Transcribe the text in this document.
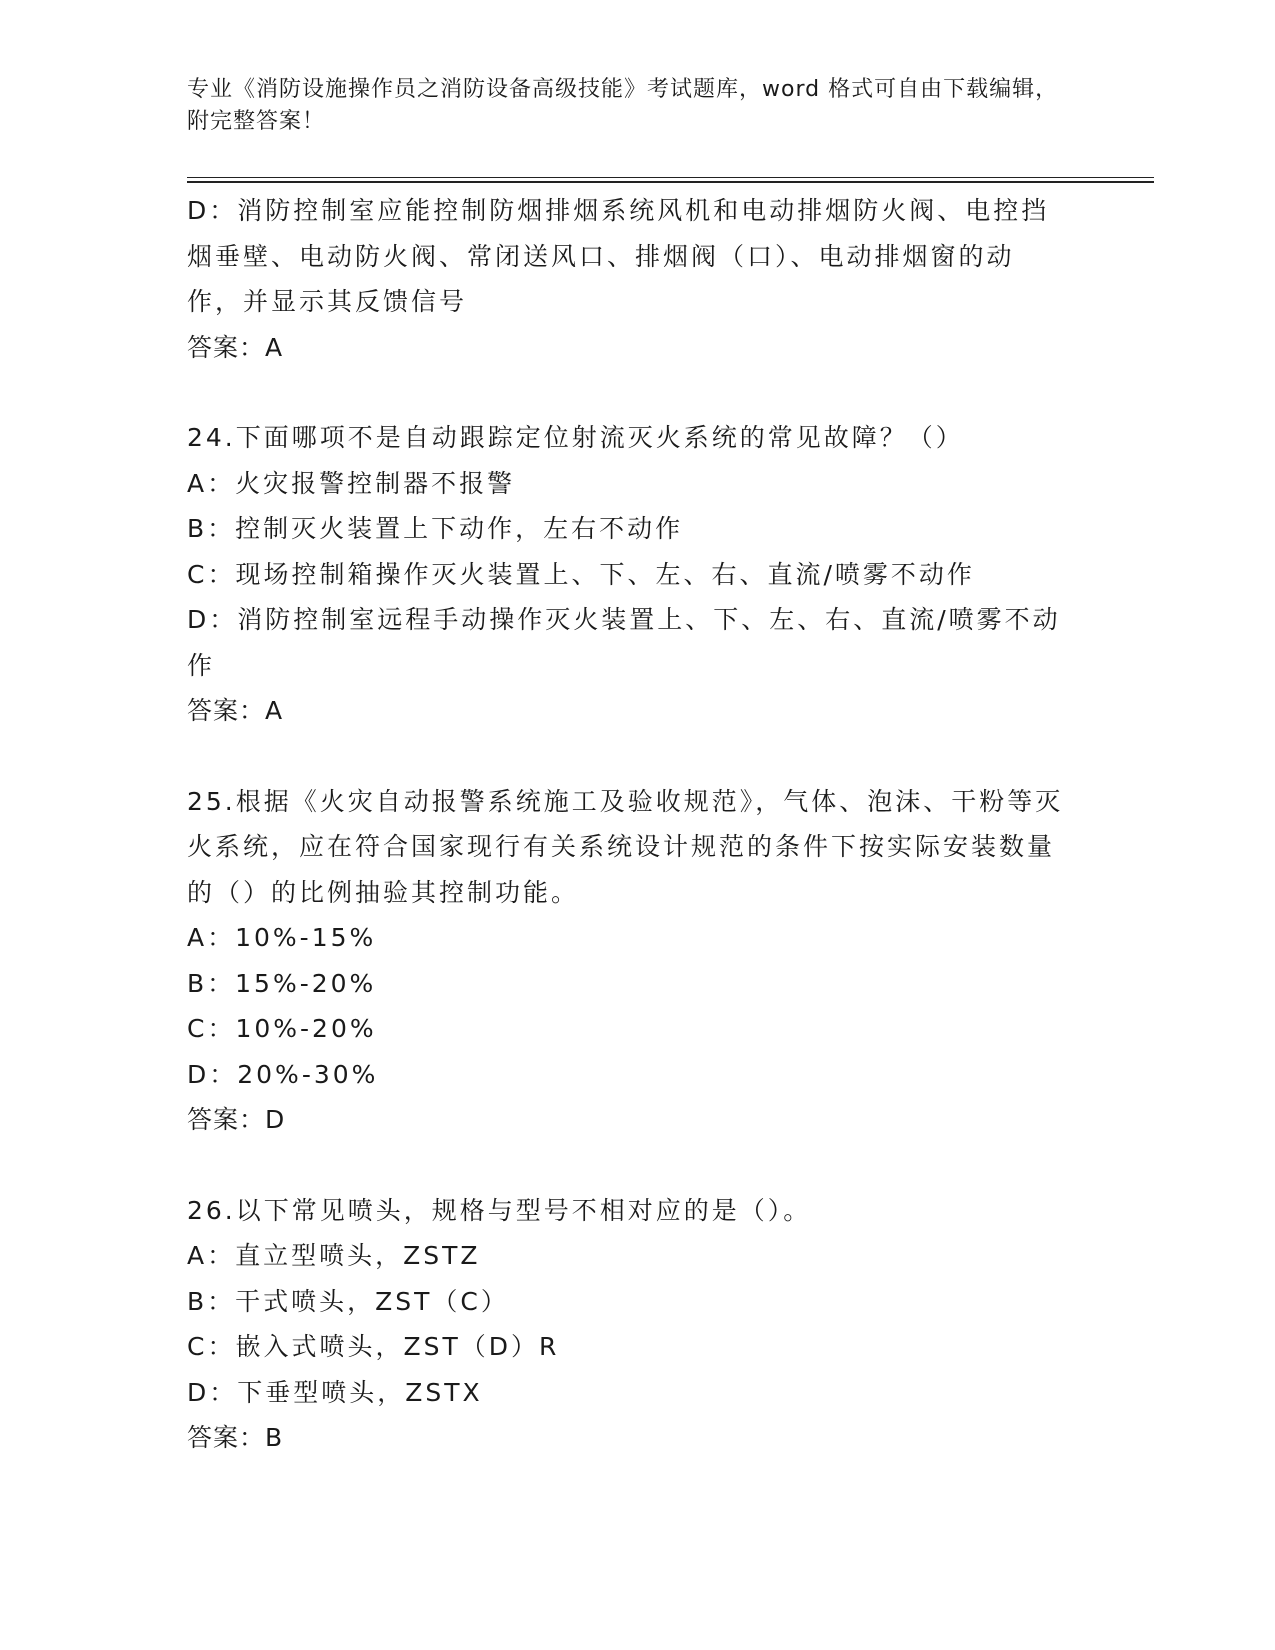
专业《消防设施操作员之消防设备高级技能》考试题库，word 格式可自由下载编辑，附完整答案！
D：消防控制室应能控制防烟排烟系统风机和电动排烟防火阀、电控挡烟垂壁、电动防火阀、常闭送风口、排烟阀（口）、电动排烟窗的动作，并显示其反馈信号
答案：A
24.下面哪项不是自动跟踪定位射流灭火系统的常见故障？（）
A：火灾报警控制器不报警
B：控制灭火装置上下动作，左右不动作
C：现场控制箱操作灭火装置上、下、左、右、直流/喷雾不动作
D：消防控制室远程手动操作灭火装置上、下、左、右、直流/喷雾不动作
答案：A
25.根据《火灾自动报警系统施工及验收规范》，气体、泡沫、干粉等灭火系统，应在符合国家现行有关系统设计规范的条件下按实际安装数量的（）的比例抽验其控制功能。
A：10%-15%
B：15%-20%
C：10%-20%
D：20%-30%
答案：D
26.以下常见喷头，规格与型号不相对应的是（）。
A：直立型喷头，ZSTZ
B：干式喷头，ZST（C）
C：嵌入式喷头，ZST（D）R
D：下垂型喷头，ZSTX
答案：B
